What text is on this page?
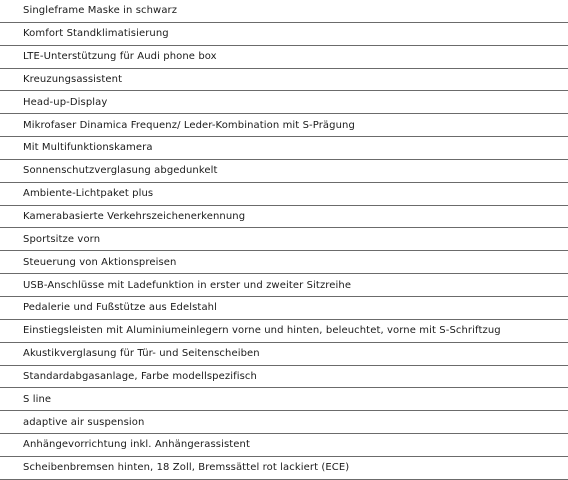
Singleframe Maske in schwarz
Komfort Standklimatisierung
LTE-Unterstützung für Audi phone box
Kreuzungsassistent
Head-up-Display
Mikrofaser Dinamica Frequenz/ Leder-Kombination mit S-Prägung
Mit Multifunktionskamera
Sonnenschutzverglasung abgedunkelt
Ambiente-Lichtpaket plus
Kamerabasierte Verkehrszeichenerkennung
Sportsitze vorn
Steuerung von Aktionspreisen
USB-Anschlüsse mit Ladefunktion in erster und zweiter Sitzreihe
Pedalerie und Fußstütze aus Edelstahl
Einstiegsleisten mit Aluminiumeinlegern vorne und hinten, beleuchtet, vorne mit S-Schriftzug
Akustikverglasung für Tür- und Seitenscheiben
Standardabgasanlage, Farbe modellspezifisch
S line
adaptive air suspension
Anhängevorrichtung inkl. Anhängerassistent
Scheibenbremsen hinten, 18 Zoll, Bremssättel rot lackiert (ECE)
